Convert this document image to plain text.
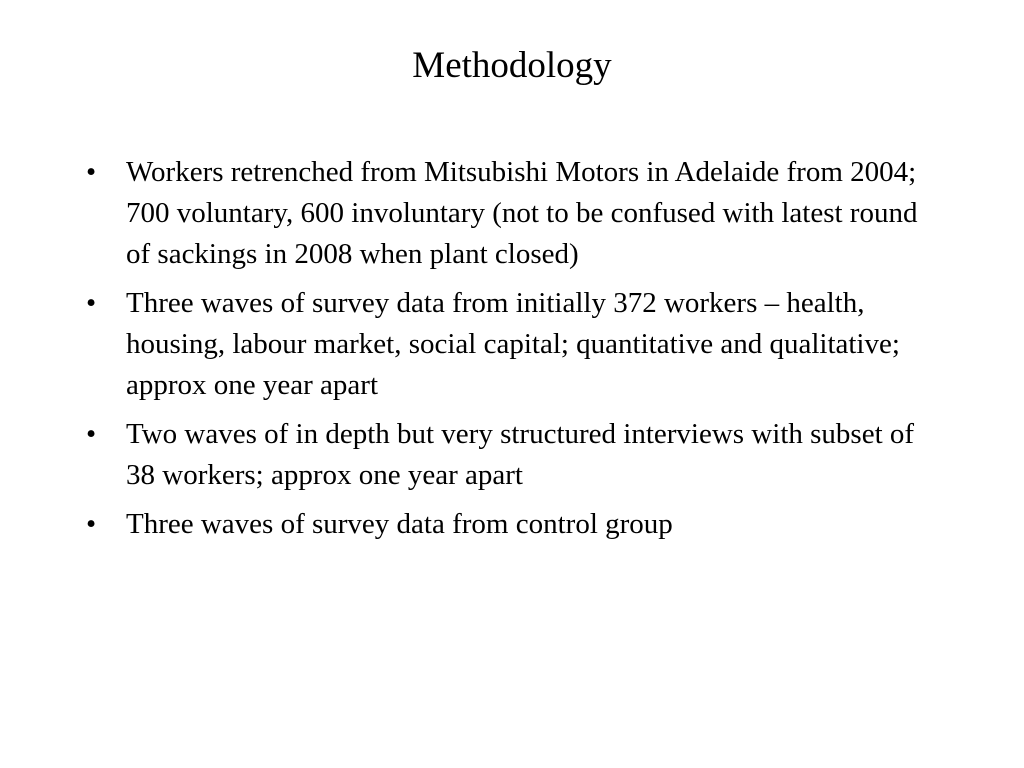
Methodology
•	Workers retrenched from Mitsubishi Motors in Adelaide from 2004; 700 voluntary, 600 involuntary (not to be confused with latest round of sackings in 2008 when plant closed)
•	Three waves of survey data from initially 372 workers – health, housing, labour market, social capital; quantitative and qualitative; approx one year apart
•	Two waves of in depth but very structured interviews with subset of 38 workers; approx one year apart
•	Three waves of survey data from control group
